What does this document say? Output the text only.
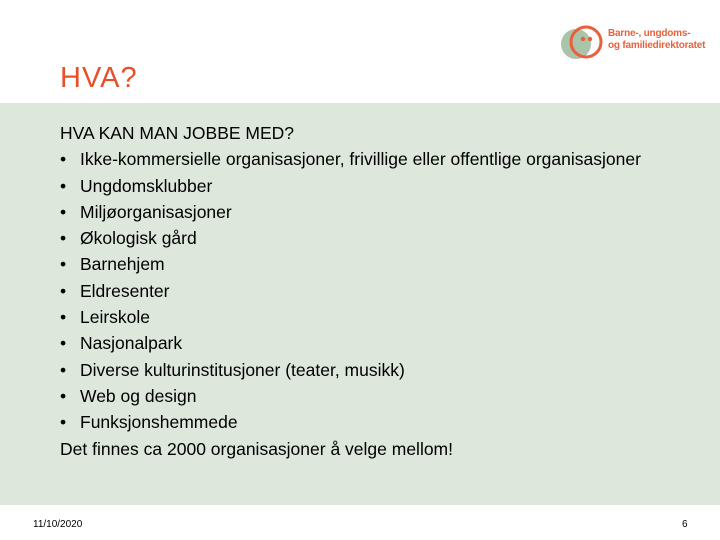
Barne-, ungdoms-
og familiedirektoratet
HVA?

HVA KAN MAN JOBBE MED?

• Ikke-kommersielle organisasjoner, frivillige eller offentlige organisasjoner
• Ungdomsklubber
• Miljøorganisasjoner
• Økologisk gård
• Barnehjem
• Eldresenter
• Leirskole
• Nasjonalpark
• Diverse kulturinstitusjoner (teater, musikk)
• Web og design
• Funksjonshemmede

Det finnes ca 2000 organisasjoner å velge mellom!

11/10/2020	6
